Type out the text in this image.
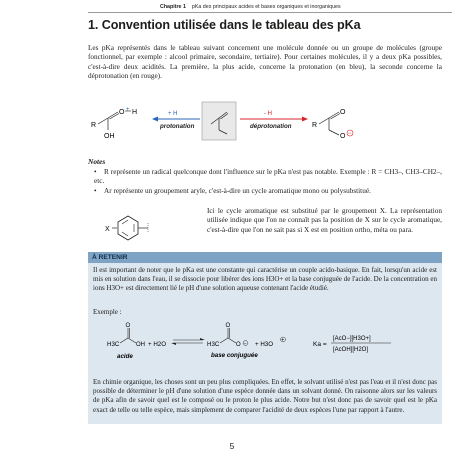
Chapitre 1 pKa des principaux acides et bases organiques et inorganiques
1. Convention utilisée dans le tableau des pKa

Les pKa représentés dans le tableau suivant concernent une molécule donnée ou un groupe de molécules (groupe fonctionnel, par exemple : alcool primaire, secondaire, tertiaire). Pour certaines molécules, il y a deux pKa possibles, c'est-à-dire deux acidités. La première, la plus acide, concerne la protonation (en bleu), la seconde concerne la déprotonation (en rouge).

R
O + H
OH
+ H
protonation
- H
déprotonation	R
O
O −
Notes

• R représente un radical quelconque dont l'influence sur le pKa n'est pas notable. Exemple : R = CH3–, CH3–CH2–, etc.

• Ar représente un groupement aryle, c'est-à-dire un cycle aromatique mono ou polysubstitué.

X

Ici le cycle aromatique est substitué par le groupement X. La représentation utilisée indique que l'on ne connaît pas la position de X sur le cycle aromatique, c'est-à-dire que l'on ne sait pas si X est en position ortho, méta ou para.

À RETENIR

Il est important de noter que le pKa est une constante qui caractérise un couple acido-basique. En fait, lorsqu'un acide est mis en solution dans l'eau, il se dissocie pour libérer des ions H3O+ et la base conjuguée de l'acide. De la concentration en ions H3O+ est directement lié le pH d'une solution aqueuse contenant l'acide étudié.

Exemple :
H3C
O
OH
acide
+ H2O	H3C
O
O −
base conjuguée
+ H3O
+
Ka =
[AcO−][H3O+]
[AcOH][H2O]

En chimie organique, les choses sont un peu plus compliquées. En effet, le solvant utilisé n'est pas l'eau et il n'est donc pas possible de déterminer le pH d'une solution d'une espèce donnée dans un solvant donné. On raisonne alors sur les valeurs de pKa afin de savoir quel est le composé ou le proton le plus acide. Notre but n'est donc pas de savoir quel est le pKa exact de telle ou telle espèce, mais simplement de comparer l'acidité de deux espèces l'une par rapport à l'autre.

5
